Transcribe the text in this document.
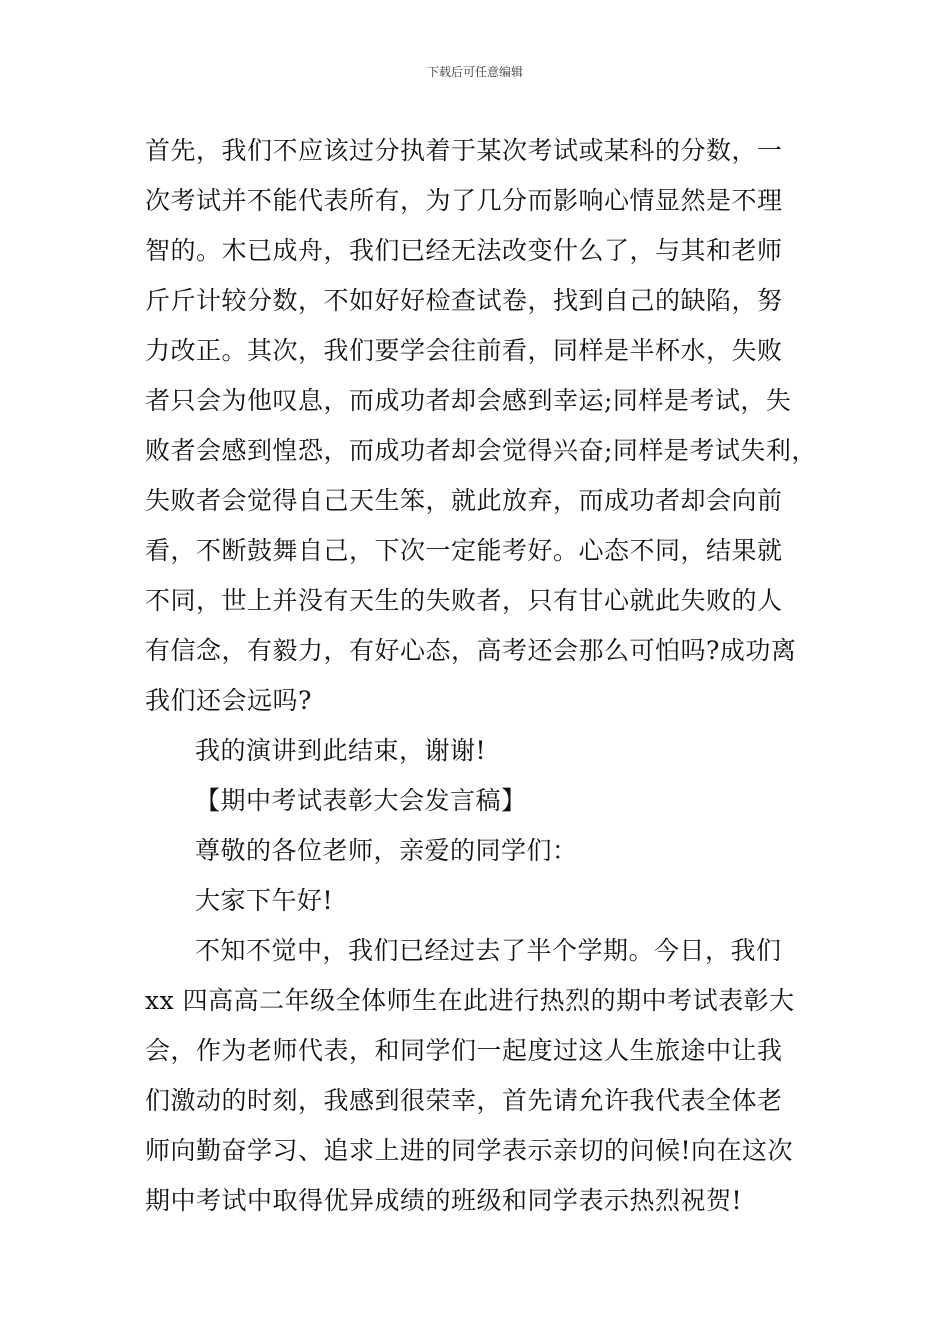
下载后可任意编辑
首先，我们不应该过分执着于某次考试或某科的分数，一
次考试并不能代表所有，为了几分而影响心情显然是不理
智的。木已成舟，我们已经无法改变什么了，与其和老师
斤斤计较分数，不如好好检查试卷，找到自己的缺陷，努
力改正。其次，我们要学会往前看，同样是半杯水，失败
者只会为他叹息，而成功者却会感到幸运;同样是考试，失
败者会感到惶恐，而成功者却会觉得兴奋;同样是考试失利，
失败者会觉得自己天生笨，就此放弃，而成功者却会向前
看，不断鼓舞自己，下次一定能考好。心态不同，结果就
不同，世上并没有天生的失败者，只有甘心就此失败的人
有信念，有毅力，有好心态，高考还会那么可怕吗?成功离
我们还会远吗?
我的演讲到此结束，谢谢!
【期中考试表彰大会发言稿】
尊敬的各位老师，亲爱的同学们：
大家下午好!
不知不觉中，我们已经过去了半个学期。今日，我们
xx 四高高二年级全体师生在此进行热烈的期中考试表彰大
会，作为老师代表，和同学们一起度过这人生旅途中让我
们激动的时刻，我感到很荣幸，首先请允许我代表全体老
师向勤奋学习、追求上进的同学表示亲切的问候!向在这次
期中考试中取得优异成绩的班级和同学表示热烈祝贺!
